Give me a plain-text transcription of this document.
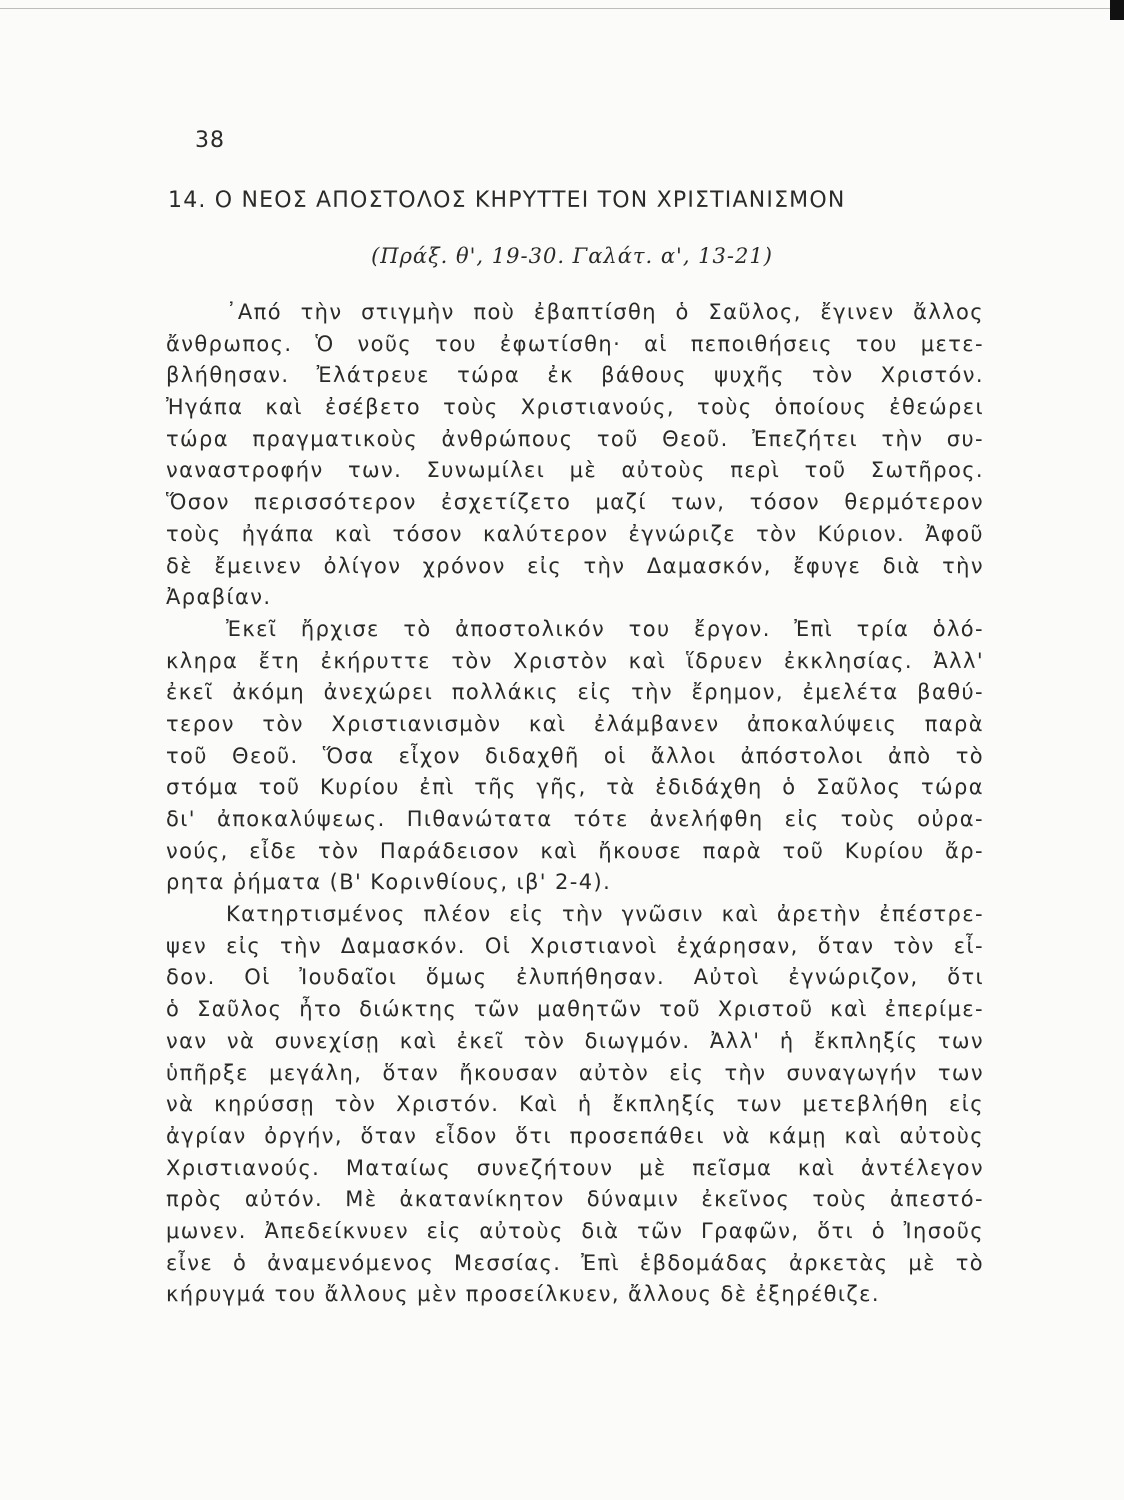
38
14. Ο ΝΕΟΣ ΑΠΟΣΤΟΛΟΣ ΚΗΡΥΤΤΕΙ ΤΟΝ ΧΡΙΣΤΙΑΝΙΣΜΟΝ
(Πράξ. θ', 19-30. Γαλάτ. α', 13-21)
᾿Από τὴν στιγμὴν ποὺ ἐβαπτίσθη ὁ Σαῦλος, ἔγινεν ἄλλος
ἄνθρωπος. Ὁ νοῦς του ἐφωτίσθη· αἱ πεποιθήσεις του μετε-
βλήθησαν. Ἐλάτρευε τώρα ἐκ βάθους ψυχῆς τὸν Χριστόν.
Ἠγάπα καὶ ἐσέβετο τοὺς Χριστιανούς, τοὺς ὁποίους ἐθεώρει
τώρα πραγματικοὺς ἀνθρώπους τοῦ Θεοῦ. Ἐπεζήτει τὴν συ-
ναναστροφήν των. Συνωμίλει μὲ αὐτοὺς περὶ τοῦ Σωτῆρος.
Ὅσον περισσότερον ἐσχετίζετο μαζί των, τόσον θερμότερον
τοὺς ἠγάπα καὶ τόσον καλύτερον ἐγνώριζε τὸν Κύριον. Ἀφοῦ
δὲ ἔμεινεν ὀλίγον χρόνον εἰς τὴν Δαμασκόν, ἔφυγε διὰ τὴν
Ἀραβίαν.
Ἐκεῖ ἤρχισε τὸ ἀποστολικόν του ἔργον. Ἐπὶ τρία ὁλό-
κληρα ἔτη ἐκήρυττε τὸν Χριστὸν καὶ ἵδρυεν ἐκκλησίας. Ἀλλ'
ἐκεῖ ἀκόμη ἀνεχώρει πολλάκις εἰς τὴν ἔρημον, ἐμελέτα βαθύ-
τερον τὸν Χριστιανισμὸν καὶ ἐλάμβανεν ἀποκαλύψεις παρὰ
τοῦ Θεοῦ. Ὅσα εἶχον διδαχθῆ οἱ ἄλλοι ἀπόστολοι ἀπὸ τὸ
στόμα τοῦ Κυρίου ἐπὶ τῆς γῆς, τὰ ἐδιδάχθη ὁ Σαῦλος τώρα
δι' ἀποκαλύψεως. Πιθανώτατα τότε ἀνελήφθη εἰς τοὺς οὐρα-
νούς, εἶδε τὸν Παράδεισον καὶ ἤκουσε παρὰ τοῦ Κυρίου ἄρ-
ρητα ῥήματα (Β' Κορινθίους, ιβ' 2-4).
Κατηρτισμένος πλέον εἰς τὴν γνῶσιν καὶ ἀρετὴν ἐπέστρε-
ψεν εἰς τὴν Δαμασκόν. Οἱ Χριστιανοὶ ἐχάρησαν, ὅταν τὸν εἶ-
δον. Οἱ Ἰουδαῖοι ὅμως ἐλυπήθησαν. Αὐτοὶ ἐγνώριζον, ὅτι
ὁ Σαῦλος ἦτο διώκτης τῶν μαθητῶν τοῦ Χριστοῦ καὶ ἐπερίμε-
ναν νὰ συνεχίσῃ καὶ ἐκεῖ τὸν διωγμόν. Ἀλλ' ἡ ἔκπληξίς των
ὑπῆρξε μεγάλη, ὅταν ἤκουσαν αὐτὸν εἰς τὴν συναγωγήν των
νὰ κηρύσσῃ τὸν Χριστόν. Καὶ ἡ ἔκπληξίς των μετεβλήθη εἰς
ἀγρίαν ὀργήν, ὅταν εἶδον ὅτι προσεπάθει νὰ κάμῃ καὶ αὐτοὺς
Χριστιανούς. Ματαίως συνεζήτουν μὲ πεῖσμα καὶ ἀντέλεγον
πρὸς αὐτόν. Μὲ ἀκατανίκητον δύναμιν ἐκεῖνος τοὺς ἀπεστό-
μωνεν. Ἀπεδείκνυεν εἰς αὐτοὺς διὰ τῶν Γραφῶν, ὅτι ὁ Ἰησοῦς
εἶνε ὁ ἀναμενόμενος Μεσσίας. Ἐπὶ ἑβδομάδας ἀρκετὰς μὲ τὸ
κήρυγμά του ἄλλους μὲν προσείλκυεν, ἄλλους δὲ ἐξηρέθιζε.
